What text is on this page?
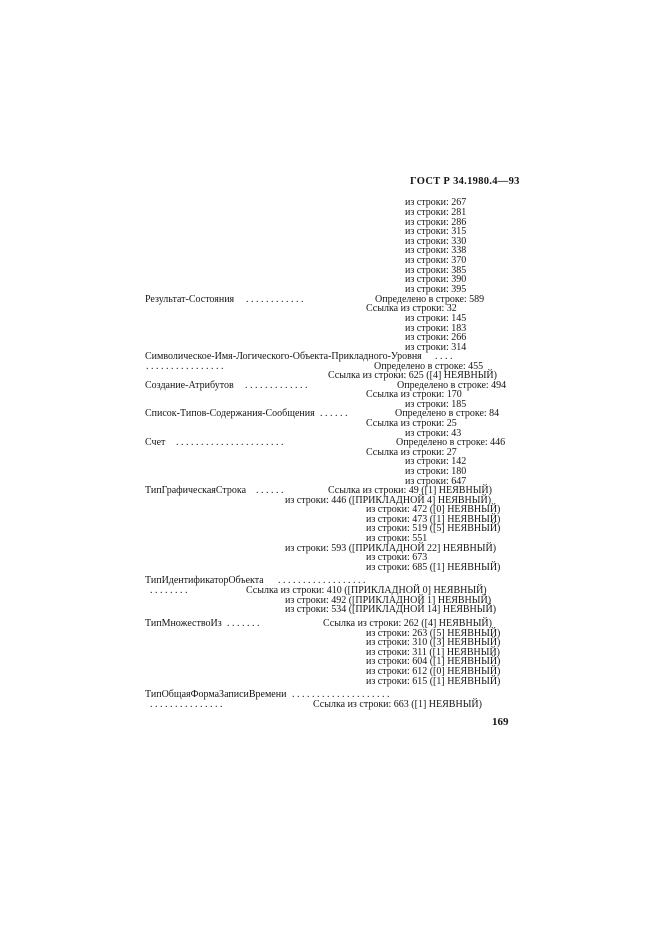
ГОСТ Р 34.1980.4—93
из строки: 267
из строки: 281
из строки: 286
из строки: 315
из строки: 330
из строки: 338
из строки: 370
из строки: 385
из строки: 390
из строки: 395
Результат-Состояния . . . . . . . . . . . .	Определено в строке: 589
Ссылка из строки: 32
из строки: 145
из строки: 183
из строки: 266
из строки: 314
Символическое-Имя-Логического-Объекта-Прикладного-Уровня . . . .
. . . . . . . . . . . . . . . .	Определено в строке: 455
Ссылка из строки: 625 ([4] НЕЯВНЫЙ)
Создание-Атрибутов . . . . . . . . . . . . .	Определено в строке: 494
Ссылка из строки: 170
из строки: 185
Список-Типов-Содержания-Сообщения . . . . . .	Определено в строке: 84
Ссылка из строки: 25
из строки: 43
Счет . . . . . . . . . . . . . . . . . . . . . .	Определено в строке: 446
Ссылка из строки: 27
из строки: 142
из строки: 180
из строки: 647
ТипГрафическаяСтрока . . . . . .	Ссылка из строки: 49 ([1] НЕЯВНЫЙ)
из строки: 446 ([ПРИКЛАДНОЙ 4] НЕЯВНЫЙ)
из строки: 472 ([0] НЕЯВНЫЙ)
из строки: 473 ([1] НЕЯВНЫЙ)
из строки: 519 ([5] НЕЯВНЫЙ)
из строки: 551
из строки: 593 ([ПРИКЛАДНОЙ 22] НЕЯВНЫЙ)
из строки: 673
из строки: 685 ([1] НЕЯВНЫЙ)
ТипИдентификаторОбъекта . . . . . . . . . . . . . . . . . .
. . . . . . . .	Ссылка из строки: 410 ([ПРИКЛАДНОЙ 0] НЕЯВНЫЙ)
из строки: 492 ([ПРИКЛАДНОЙ 1] НЕЯВНЫЙ)
из строки: 534 ([ПРИКЛАДНОЙ 14] НЕЯВНЫЙ)
ТипМножествоИз . . . . . . .	Ссылка из строки: 262 ([4] НЕЯВНЫЙ)
из строки: 263 ([5] НЕЯВНЫЙ)
из строки: 310 ([3] НЕЯВНЫЙ)
из строки: 311 ([1] НЕЯВНЫЙ)
из строки: 604 ([1] НЕЯВНЫЙ)
из строки: 612 ([0] НЕЯВНЫЙ)
из строки: 615 ([1] НЕЯВНЫЙ)
ТипОбщаяФормаЗаписиВремени . . . . . . . . . . . . . . . . . . . .
. . . . . . . . . . . . . . .	Ссылка из строки: 663 ([1] НЕЯВНЫЙ)
169
